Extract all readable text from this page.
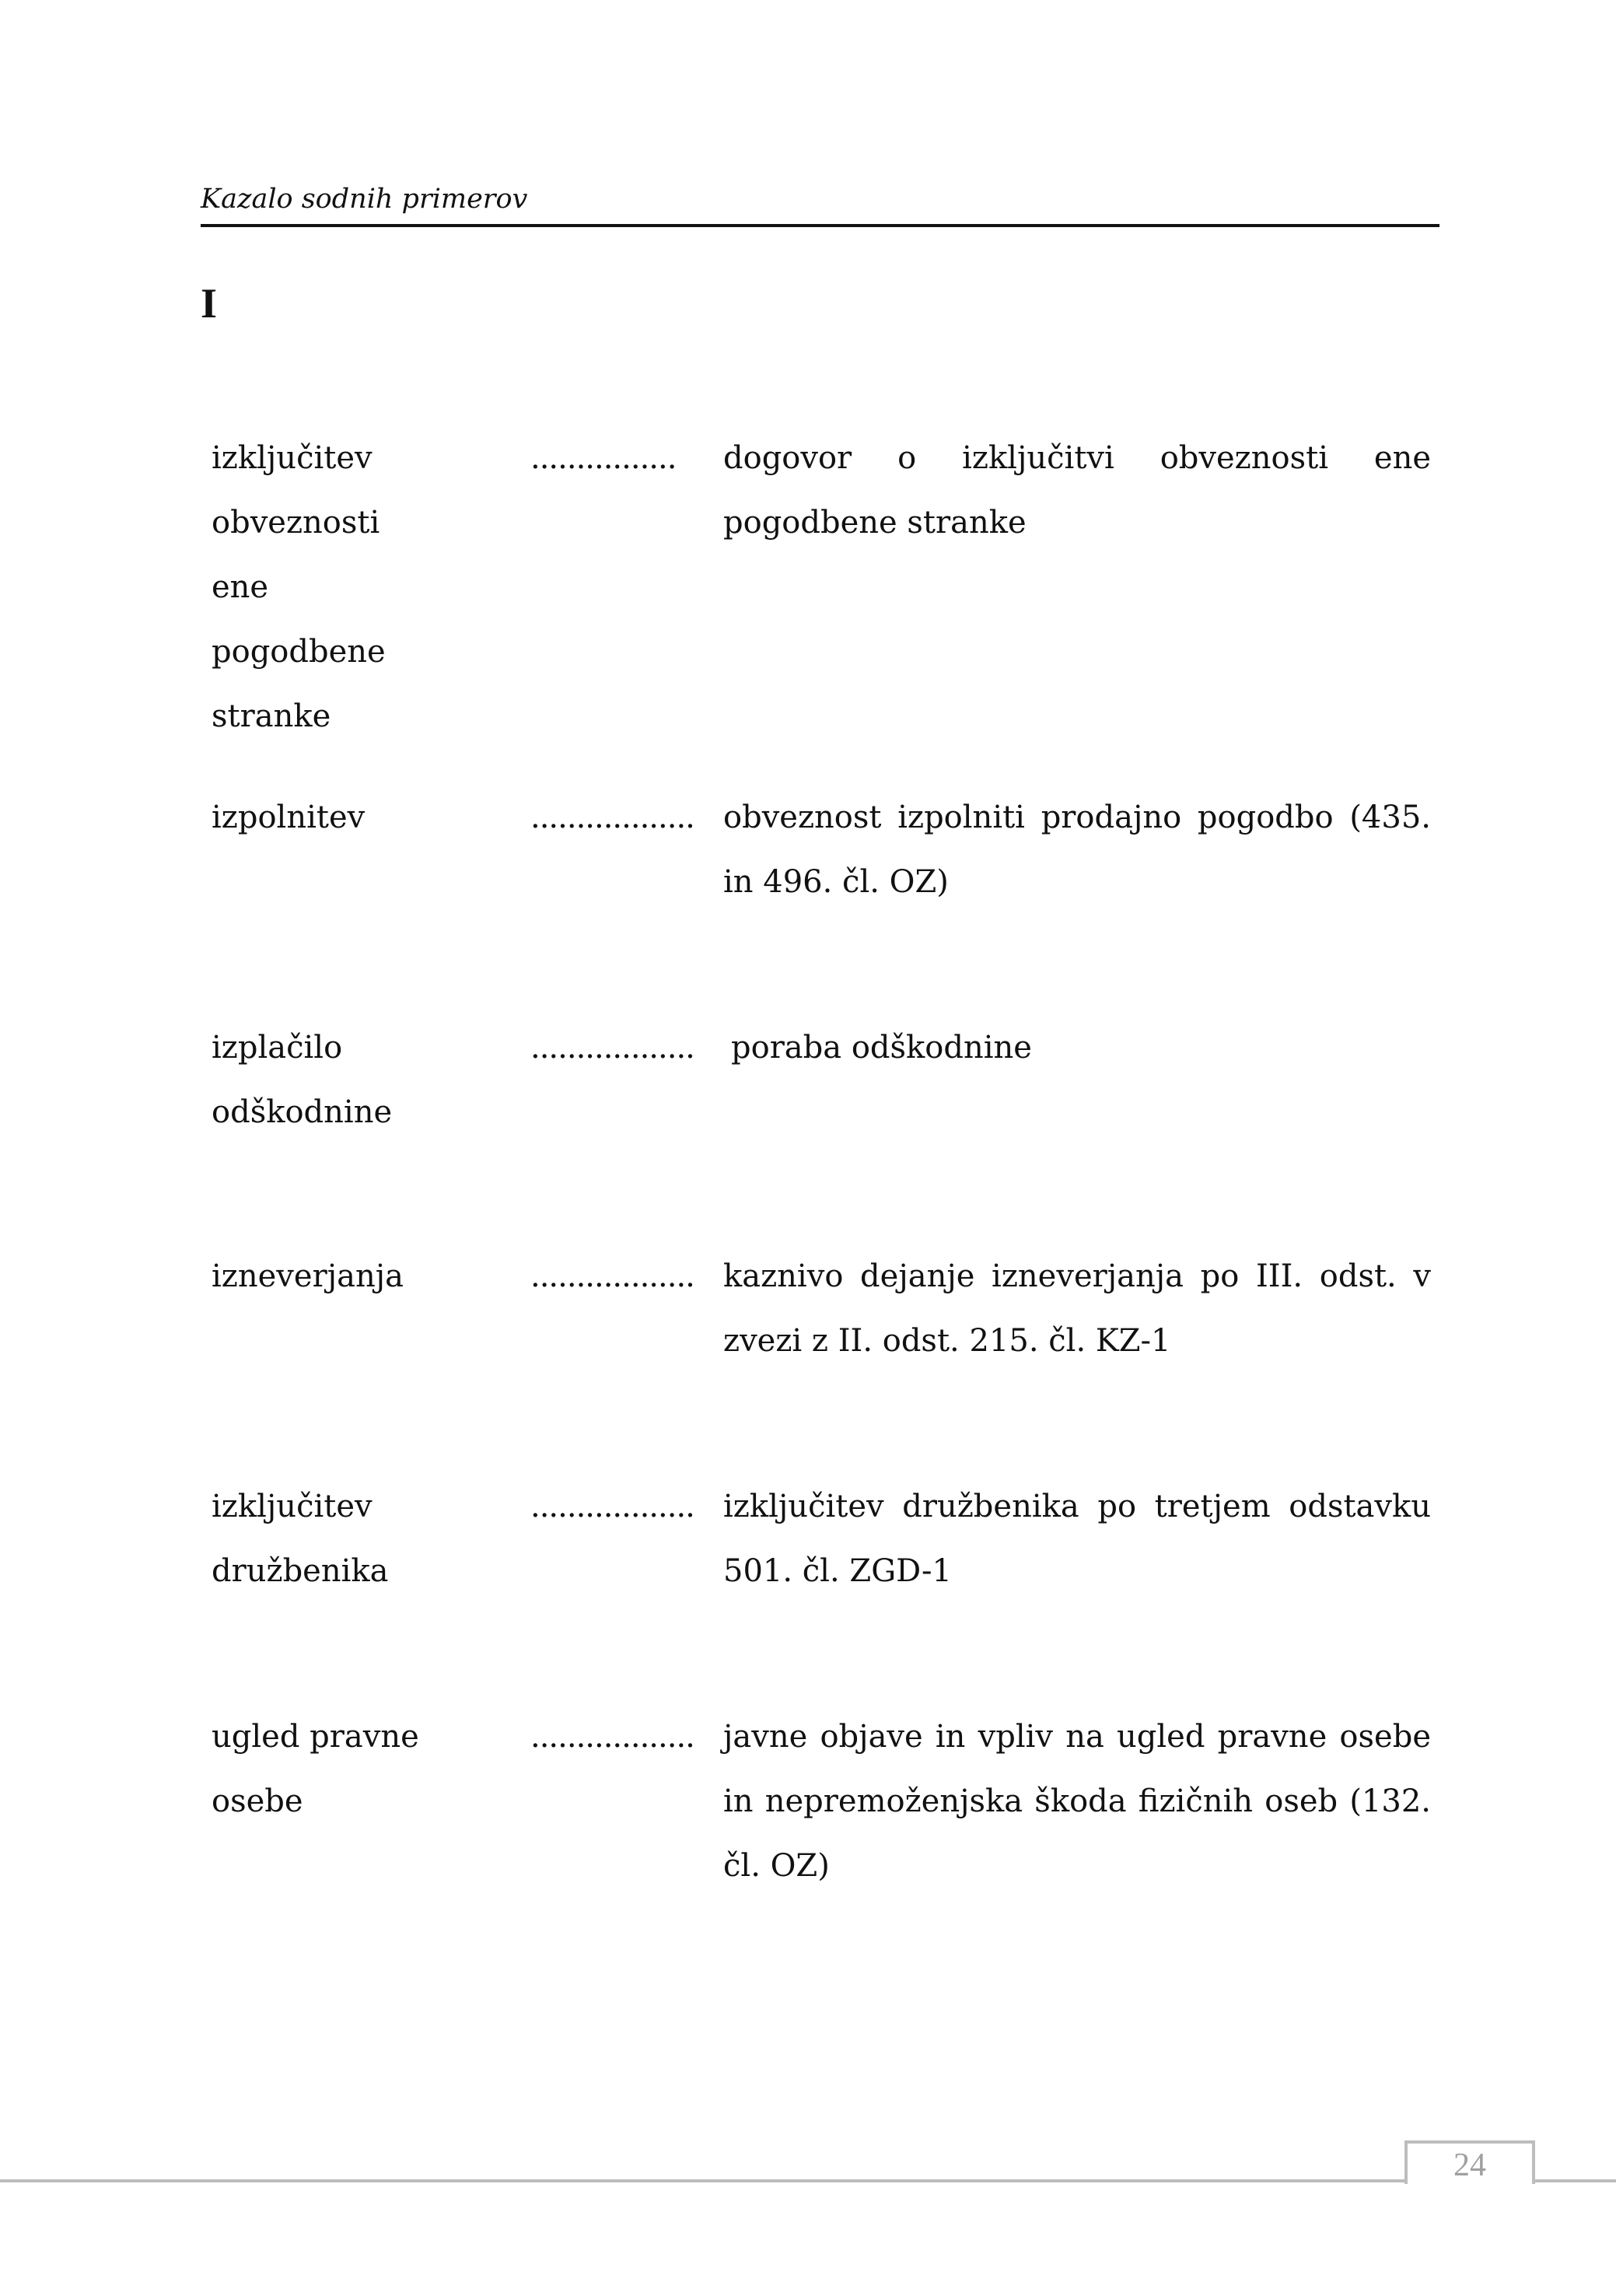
Kazalo sodnih primerov
I
izključitev obveznosti ene pogodbene stranke
................ dogovor o izključitvi obveznosti ene pogodbene stranke
izpolnitev	.................. obveznost izpolniti prodajno pogodbo (435. in 496. čl. OZ)
izplačilo odškodnine
.................. poraba odškodnine
izneverjanja	.................. kaznivo dejanje izneverjanja po III. odst. v zvezi z II. odst. 215. čl. KZ-1
izključitev družbenika
.................. izključitev družbenika po tretjem odstavku 501. čl. ZGD-1
ugled pravne osebe
.................. javne objave in vpliv na ugled pravne osebe in nepremoženjska škoda fizičnih oseb (132. čl. OZ)
24
